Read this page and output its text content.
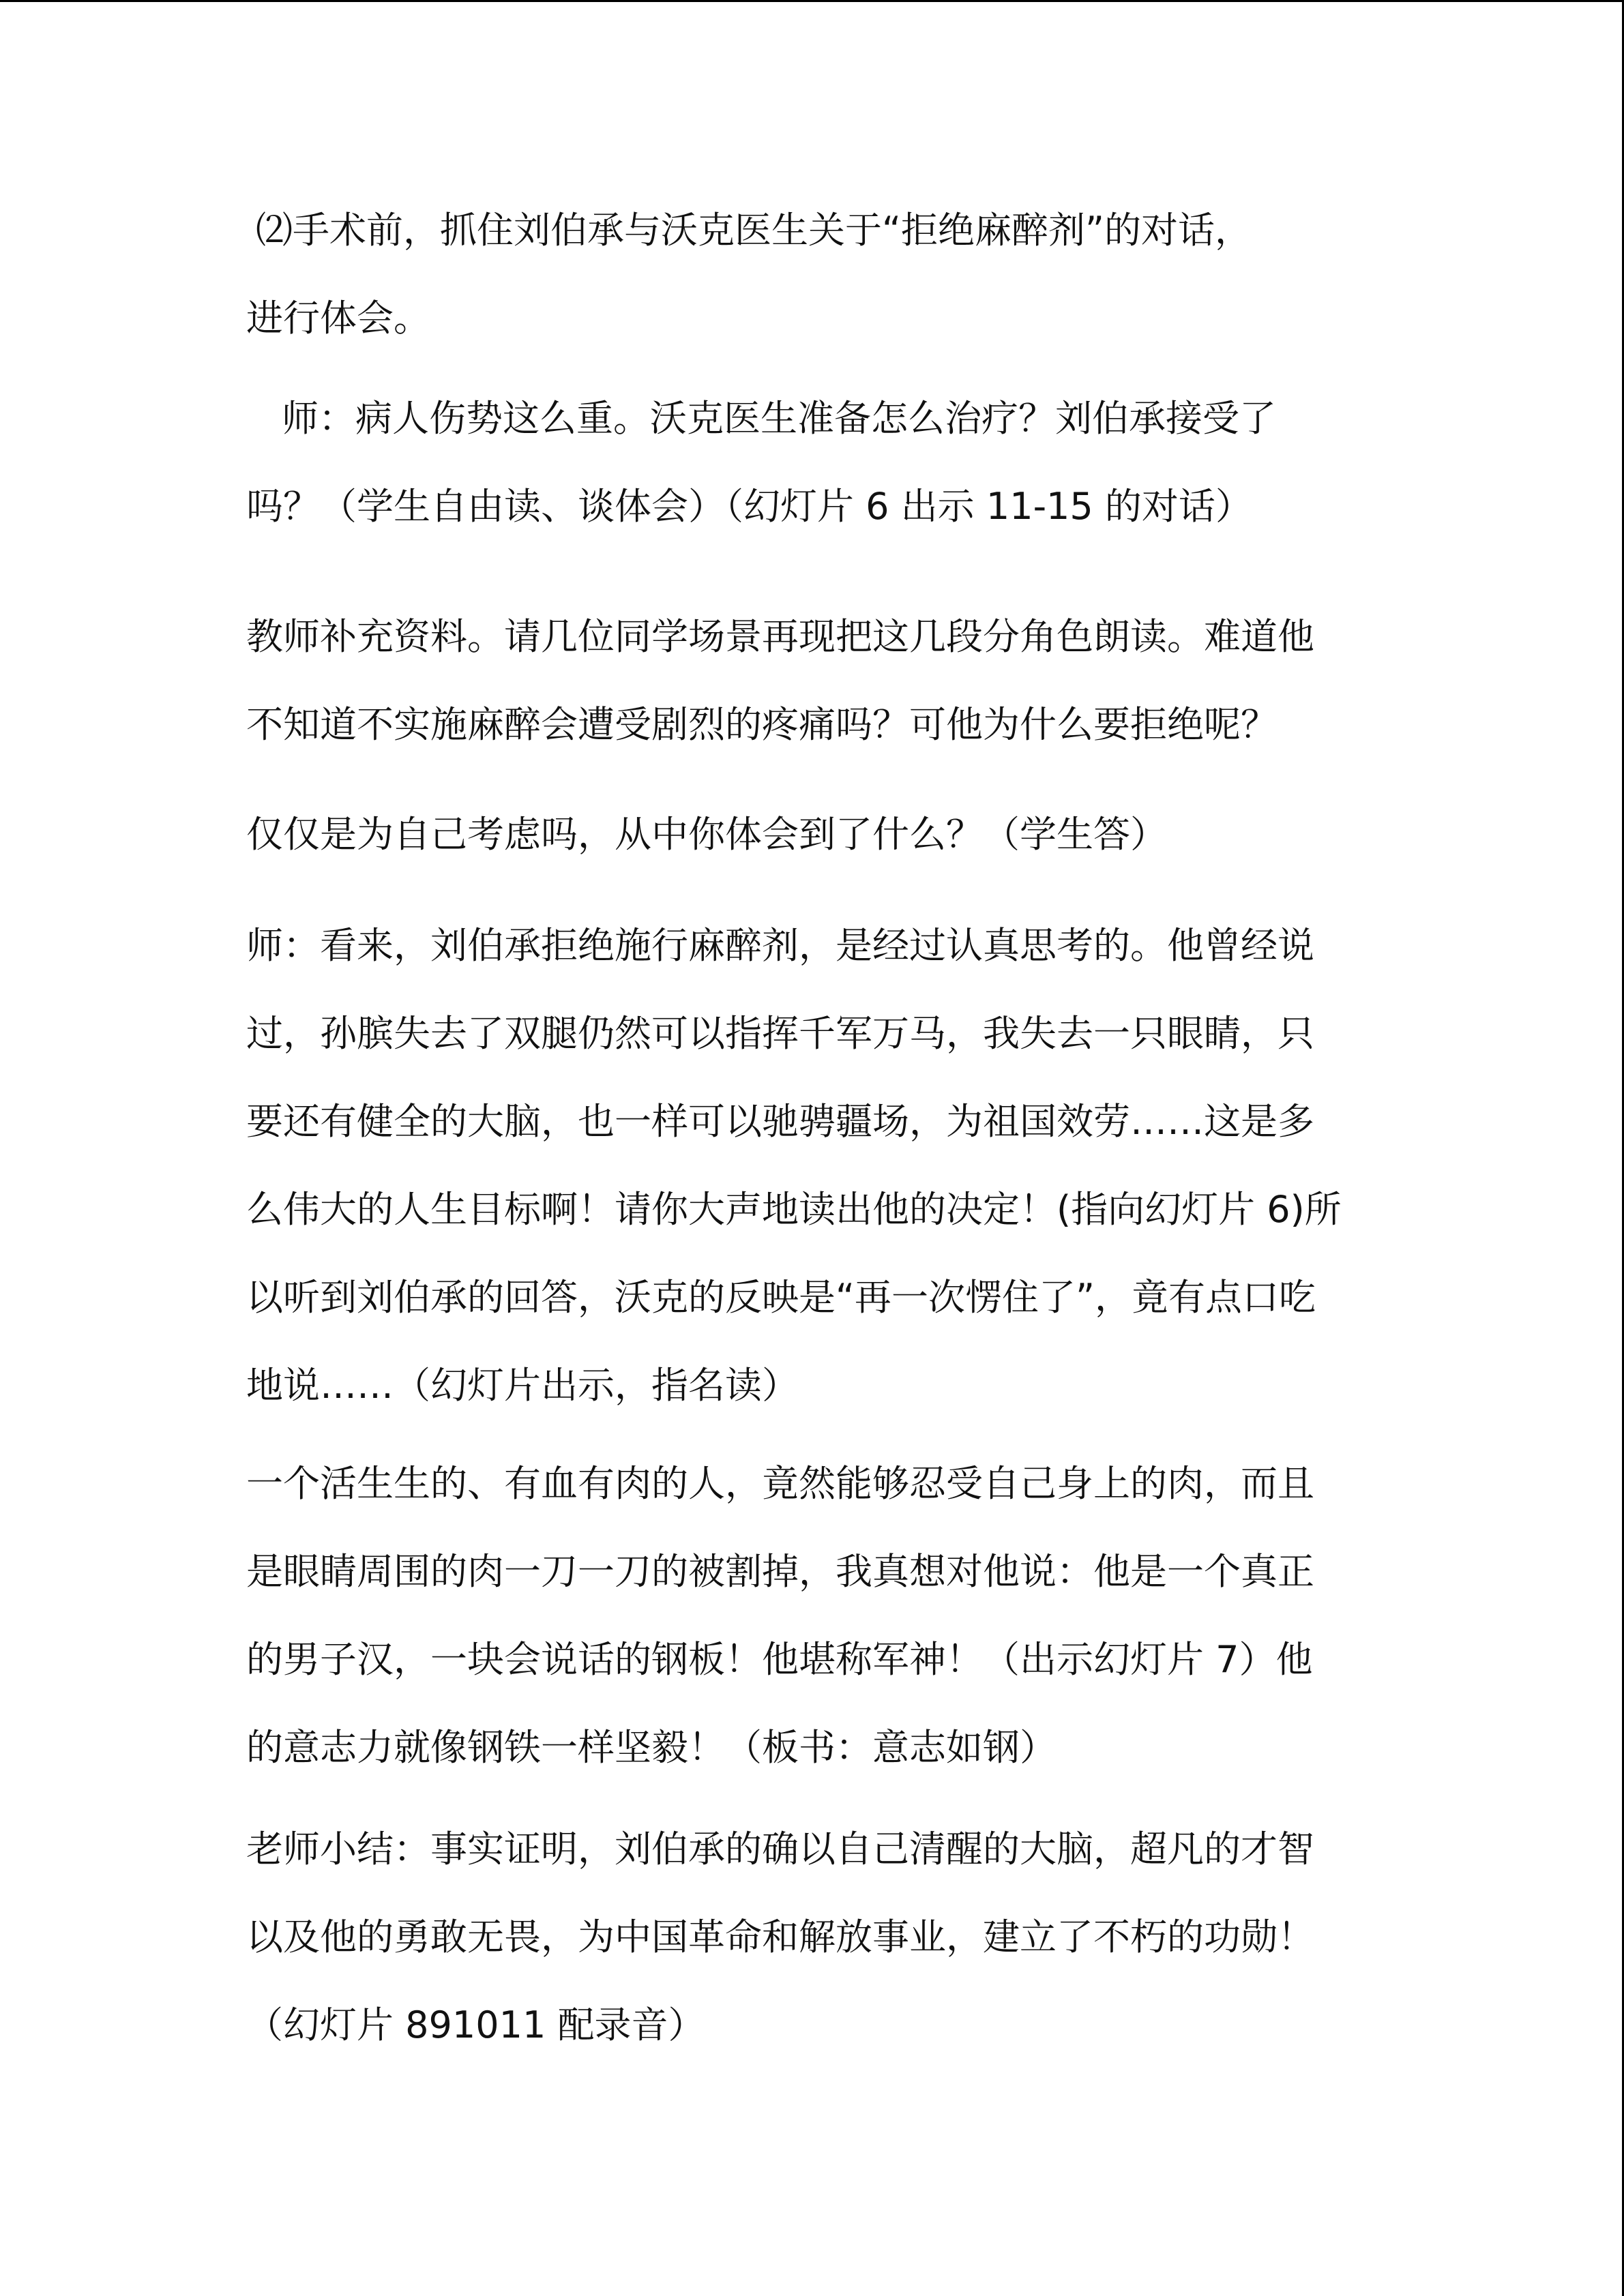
⑵手术前，抓住刘伯承与沃克医生关于“拒绝麻醉剂”的对话，
进行体会。
师：病人伤势这么重。沃克医生准备怎么治疗？刘伯承接受了
吗？（学生自由读、谈体会）（幻灯片 6 出示 11-15 的对话）
教师补充资料。请几位同学场景再现把这几段分角色朗读。难道他
不知道不实施麻醉会遭受剧烈的疼痛吗？可他为什么要拒绝呢？
仅仅是为自己考虑吗，从中你体会到了什么？（学生答）
师：看来，刘伯承拒绝施行麻醉剂，是经过认真思考的。他曾经说
过，孙膑失去了双腿仍然可以指挥千军万马，我失去一只眼睛，只
要还有健全的大脑，也一样可以驰骋疆场，为祖国效劳……这是多
么伟大的人生目标啊！请你大声地读出他的决定！(指向幻灯片 6)所
以听到刘伯承的回答，沃克的反映是“再一次愣住了”，竟有点口吃
地说……（幻灯片出示，指名读）
一个活生生的、有血有肉的人，竟然能够忍受自己身上的肉，而且
是眼睛周围的肉一刀一刀的被割掉，我真想对他说：他是一个真正
的男子汉，一块会说话的钢板！他堪称军神！（出示幻灯片 7）他
的意志力就像钢铁一样坚毅！（板书：意志如钢）
老师小结：事实证明，刘伯承的确以自己清醒的大脑，超凡的才智
以及他的勇敢无畏，为中国革命和解放事业，建立了不朽的功勋！
（幻灯片 891011 配录音）
